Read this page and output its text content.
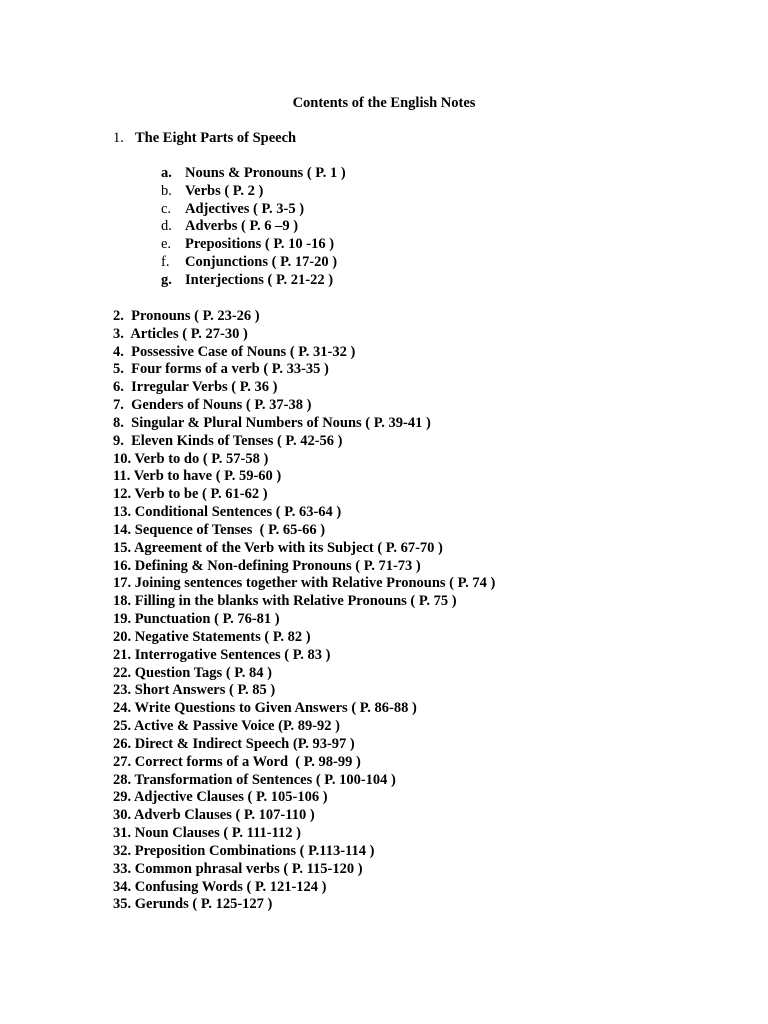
Contents of the English Notes
1. The Eight Parts of Speech
a. Nouns & Pronouns ( P. 1 )
b. Verbs ( P. 2 )
c. Adjectives ( P. 3-5 )
d. Adverbs ( P. 6 –9 )
e. Prepositions ( P. 10 -16 )
f. Conjunctions ( P. 17-20 )
g. Interjections ( P. 21-22 )
2.  Pronouns ( P. 23-26 )
3.  Articles ( P. 27-30 )
4.  Possessive Case of Nouns ( P. 31-32 )
5.  Four forms of a verb ( P. 33-35 )
6.  Irregular Verbs ( P. 36 )
7.  Genders of Nouns ( P. 37-38 )
8.  Singular & Plural Numbers of Nouns ( P. 39-41 )
9.  Eleven Kinds of Tenses ( P. 42-56 )
10. Verb to do ( P. 57-58 )
11. Verb to have ( P. 59-60 )
12. Verb to be ( P. 61-62 )
13. Conditional Sentences ( P. 63-64 )
14. Sequence of Tenses  ( P. 65-66 )
15. Agreement of the Verb with its Subject ( P. 67-70 )
16. Defining & Non-defining Pronouns ( P. 71-73 )
17. Joining sentences together with Relative Pronouns ( P. 74 )
18. Filling in the blanks with Relative Pronouns ( P. 75 )
19. Punctuation ( P. 76-81 )
20. Negative Statements ( P. 82 )
21. Interrogative Sentences ( P. 83 )
22. Question Tags ( P. 84 )
23. Short Answers ( P. 85 )
24. Write Questions to Given Answers ( P. 86-88 )
25. Active & Passive Voice (P. 89-92 )
26. Direct & Indirect Speech (P. 93-97 )
27. Correct forms of a Word  ( P. 98-99 )
28. Transformation of Sentences ( P. 100-104 )
29. Adjective Clauses ( P. 105-106 )
30. Adverb Clauses ( P. 107-110 )
31. Noun Clauses ( P. 111-112 )
32. Preposition Combinations ( P.113-114 )
33. Common phrasal verbs ( P. 115-120 )
34. Confusing Words ( P. 121-124 )
35. Gerunds ( P. 125-127 )
